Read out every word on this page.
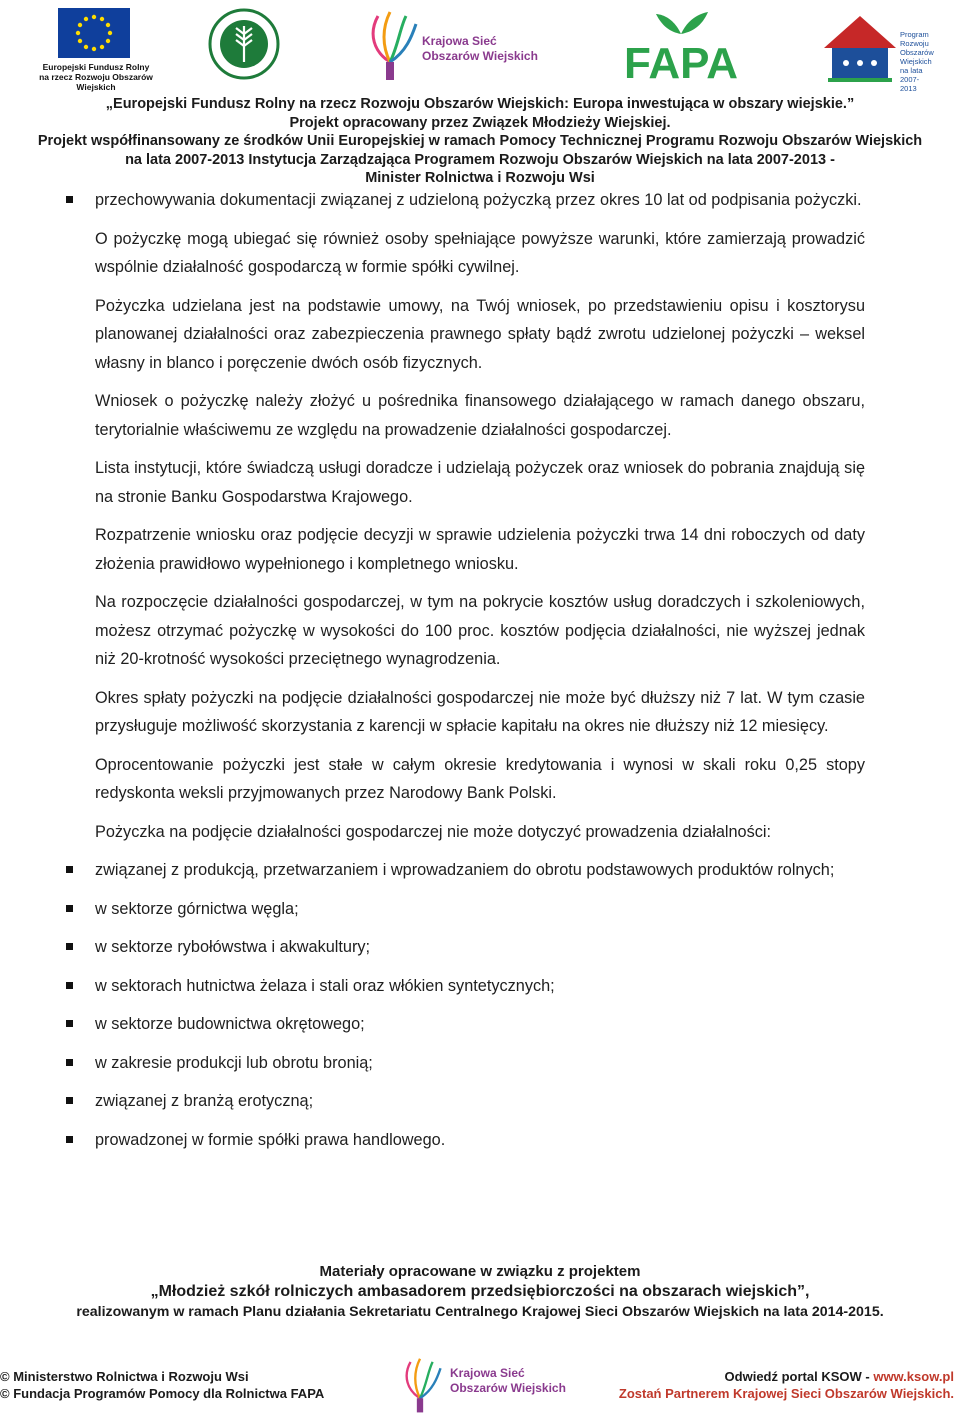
Europejski Fundusz Rolny
na rzecz Rozwoju Obszarów Wiejskich
Krajowa Sieć
Obszarów Wiejskich FAPA
Program
Rozwoju
Obszarów
Wiejskich
na lata 2007-2013
„Europejski Fundusz Rolny na rzecz Rozwoju Obszarów Wiejskich: Europa inwestująca w obszary wiejskie.”
Projekt opracowany przez Związek Młodzieży Wiejskiej.
Projekt współfinansowany ze środków Unii Europejskiej w ramach Pomocy Technicznej Programu Rozwoju Obszarów Wiejskich
na lata 2007-2013 Instytucja Zarządzająca Programem Rozwoju Obszarów Wiejskich na lata 2007-2013 -
Minister Rolnictwa i Rozwoju Wsi
przechowywania dokumentacji związanej z udzieloną pożyczką przez okres 10 lat od podpisania pożyczki.

O pożyczkę mogą ubiegać się również osoby spełniające powyższe warunki, które zamierzają prowadzić wspólnie działalność gospodarczą w formie spółki cywilnej.

Pożyczka udzielana jest na podstawie umowy, na Twój wniosek, po przedstawieniu opisu i kosztorysu planowanej działalności oraz zabezpieczenia prawnego spłaty bądź zwrotu udzielonej pożyczki – weksel własny in blanco i poręczenie dwóch osób fizycznych.

Wniosek o pożyczkę należy złożyć u pośrednika finansowego działającego w ramach danego obszaru, terytorialnie właściwemu ze względu na prowadzenie działalności gospodarczej.

Lista instytucji, które świadczą usługi doradcze i udzielają pożyczek oraz wniosek do pobrania znajdują się na stronie Banku Gospodarstwa Krajowego.

Rozpatrzenie wniosku oraz podjęcie decyzji w sprawie udzielenia pożyczki trwa 14 dni roboczych od daty złożenia prawidłowo wypełnionego i kompletnego wniosku.

Na rozpoczęcie działalności gospodarczej, w tym na pokrycie kosztów usług doradczych i szkoleniowych, możesz otrzymać pożyczkę w wysokości do 100 proc. kosztów podjęcia działalności, nie wyższej jednak niż 20-krotność wysokości przeciętnego wynagrodzenia.

Okres spłaty pożyczki na podjęcie działalności gospodarczej nie może być dłuższy niż 7 lat. W tym czasie przysługuje możliwość skorzystania z karencji w spłacie kapitału na okres nie dłuższy niż 12 miesięcy.

Oprocentowanie pożyczki jest stałe w całym okresie kredytowania i wynosi w skali roku 0,25 stopy redyskonta weksli przyjmowanych przez Narodowy Bank Polski.

Pożyczka na podjęcie działalności gospodarczej nie może dotyczyć prowadzenia działalności:

związanej z produkcją, przetwarzaniem i wprowadzaniem do obrotu podstawowych produktów rolnych;
w sektorze górnictwa węgla;
w sektorze rybołówstwa i akwakultury;
w sektorach hutnictwa żelaza i stali oraz włókien syntetycznych;
w sektorze budownictwa okrętowego;
w zakresie produkcji lub obrotu bronią;
związanej z branżą erotyczną;
prowadzonej w formie spółki prawa handlowego.
Materiały opracowane w związku z projektem
„Młodzież szkół rolniczych ambasadorem przedsiębiorczości na obszarach wiejskich”,
realizowanym w ramach Planu działania Sekretariatu Centralnego Krajowej Sieci Obszarów Wiejskich na lata 2014-2015.
© Ministerstwo Rolnictwa i Rozwoju Wsi
© Fundacja Programów Pomocy dla Rolnictwa FAPA
Krajowa Sieć
Obszarów Wiejskich
Odwiedź portal KSOW - www.ksow.pl
Zostań Partnerem Krajowej Sieci Obszarów Wiejskich.
